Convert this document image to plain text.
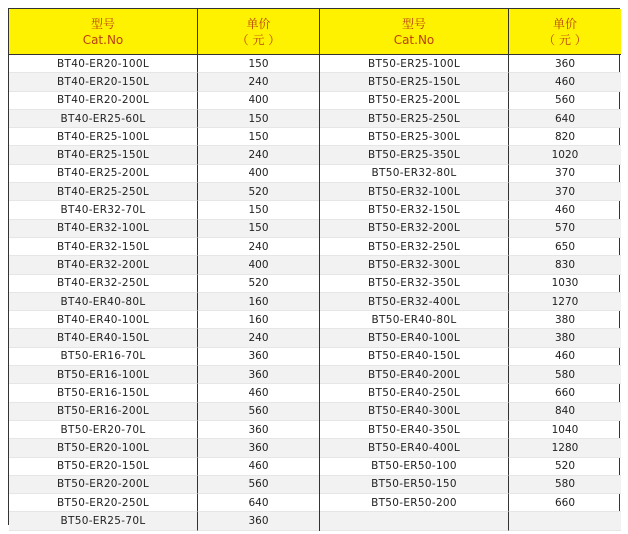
型号
Cat.No
BT40-ER20-100L
BT40-ER20-150L
BT40-ER20-200L
BT40-ER25-60L
BT40-ER25-100L
BT40-ER25-150L
BT40-ER25-200L
BT40-ER25-250L
BT40-ER32-70L
BT40-ER32-100L
BT40-ER32-150L
BT40-ER32-200L
BT40-ER32-250L
BT40-ER40-80L
BT40-ER40-100L
BT40-ER40-150L
BT50-ER16-70L
BT50-ER16-100L
BT50-ER16-150L
BT50-ER16-200L
BT50-ER20-70L
BT50-ER20-100L
BT50-ER20-150L
BT50-ER20-200L
BT50-ER20-250L
BT50-ER25-70L
单价
（ 元 ）
150
240
400
150
150
240
400
520
150
150
240
400
520
160
160
240
360
360
460
560
360
360
460
560
640
360
型号
Cat.No
BT50-ER25-100L
BT50-ER25-150L
BT50-ER25-200L
BT50-ER25-250L
BT50-ER25-300L
BT50-ER25-350L
BT50-ER32-80L
BT50-ER32-100L
BT50-ER32-150L
BT50-ER32-200L
BT50-ER32-250L
BT50-ER32-300L
BT50-ER32-350L
BT50-ER32-400L
BT50-ER40-80L
BT50-ER40-100L
BT50-ER40-150L
BT50-ER40-200L
BT50-ER40-250L
BT50-ER40-300L
BT50-ER40-350L
BT50-ER40-400L
BT50-ER50-100
BT50-ER50-150
BT50-ER50-200
单价
（ 元 ）
360
460
560
640
820
1020
370
370
460
570
650
830
1030
1270
380
380
460
580
660
840
1040
1280
520
580
660
